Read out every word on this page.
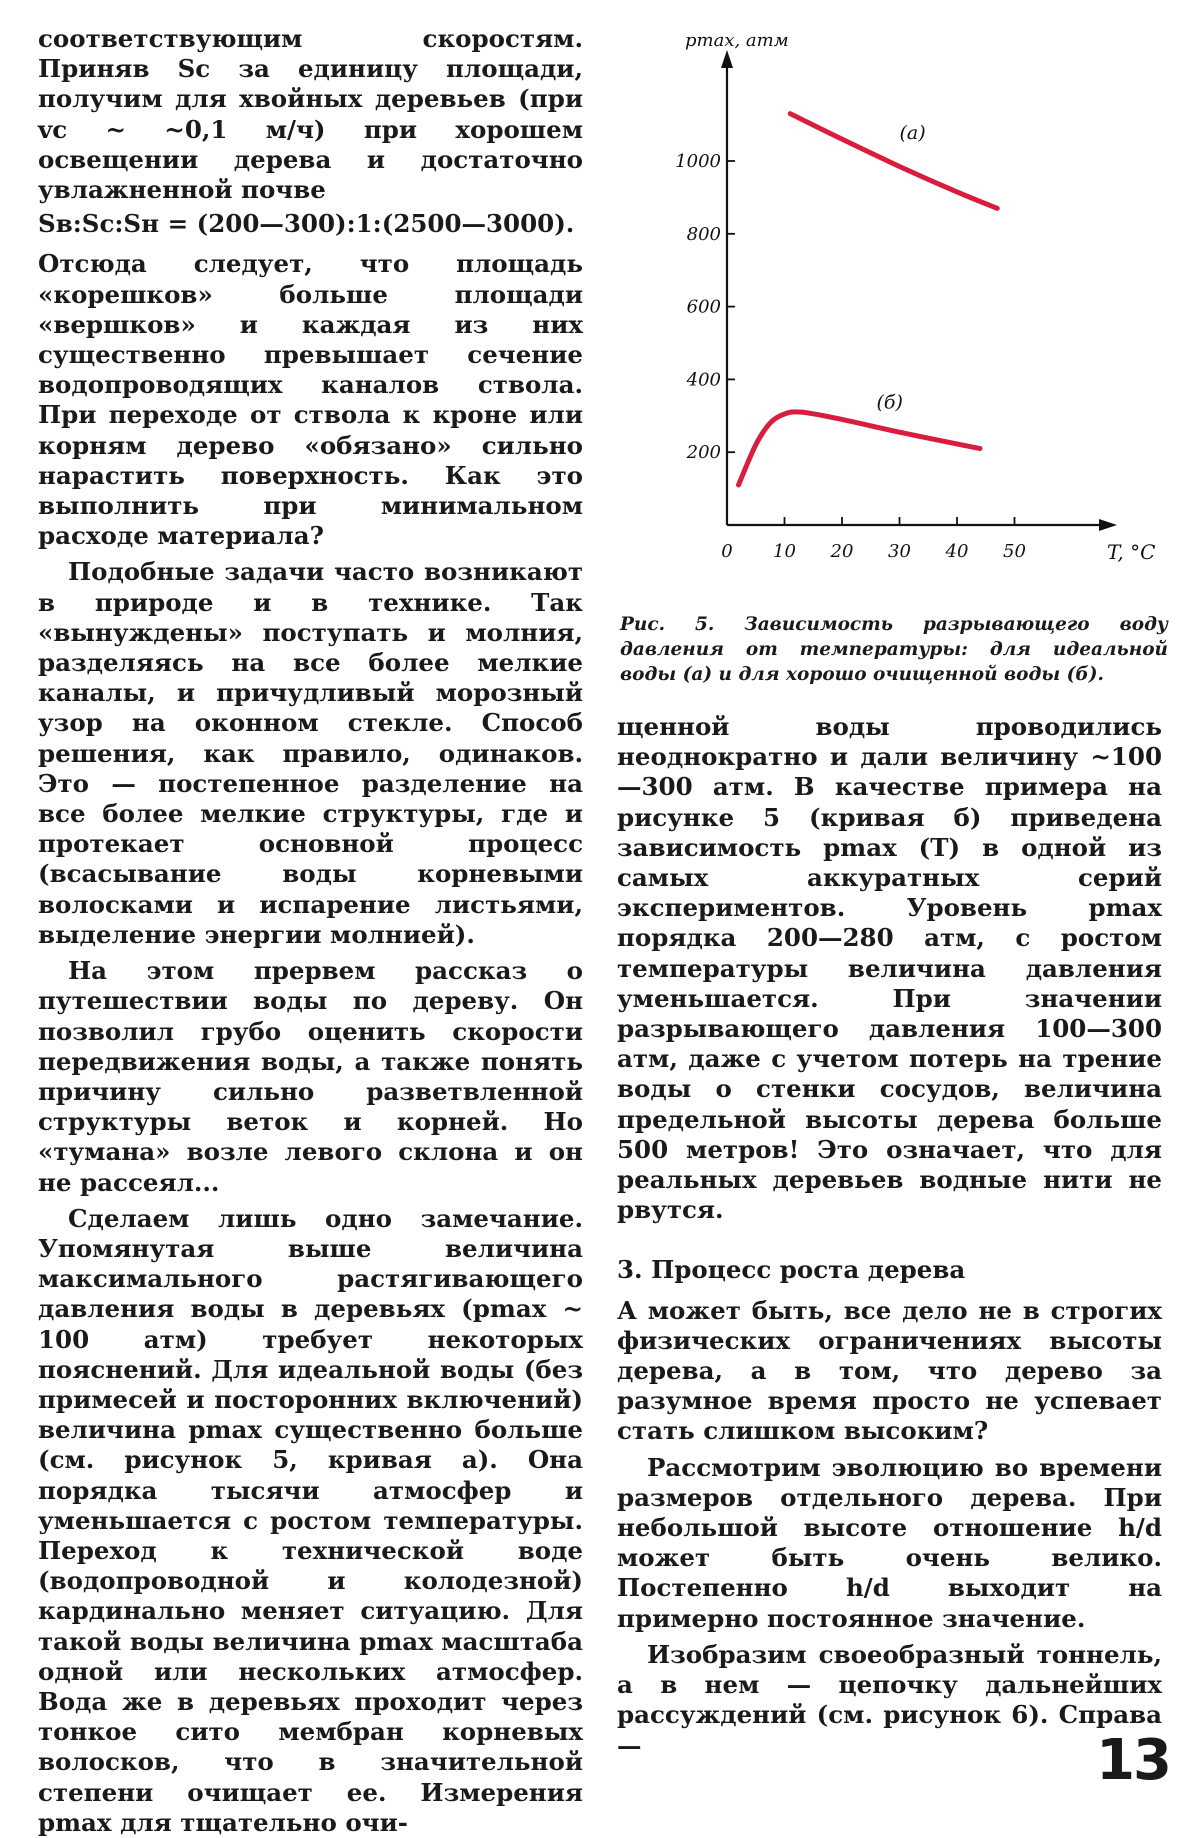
соответствующим скоростям. Приняв Sс за единицу площади, получим для хвойных деревьев (при vс ~ ~0,1 м/ч) при хорошем освещении дерева и достаточно увлажненной почве

Sв:Sс:Sн = (200—300):1:(2500—3000).

Отсюда следует, что площадь «корешков» больше площади «вершков» и каждая из них существенно превышает сечение водопроводящих каналов ствола. При переходе от ствола к кроне или корням дерево «обязано» сильно нарастить поверхность. Как это выполнить при минимальном расходе материала?

Подобные задачи часто возникают в природе и в технике. Так «вынуждены» поступать и молния, разделяясь на все более мелкие каналы, и причудливый морозный узор на оконном стекле. Способ решения, как правило, одинаков. Это — постепенное разделение на все более мелкие структуры, где и протекает основной процесс (всасывание воды корневыми волосками и испарение листьями, выделение энергии молнией).

На этом прервем рассказ о путешествии воды по дереву. Он позволил грубо оценить скорости передвижения воды, а также понять причину сильно разветвленной структуры веток и корней. Но «тумана» возле левого склона и он не рассеял...

Сделаем лишь одно замечание. Упомянутая выше величина максимального растягивающего давления воды в деревьях (pmax ~ 100 атм) требует некоторых пояснений. Для идеальной воды (без примесей и посторонних включений) величина pmax существенно больше (см. рисунок 5, кривая a). Она порядка тысячи атмосфер и уменьшается с ростом температуры. Переход к технической воде (водопроводной и колодезной) кардинально меняет ситуацию. Для такой воды величина pmax масштаба одной или нескольких атмосфер. Вода же в деревьях проходит через тонкое сито мембран корневых волосков, что в значительной степени очищает ее. Измерения pmax для тщательно очи-

200
400
600
800
1000
0 10 20 30 40 50
pmax, атм
T, °C
(а)
(б)
Рис. 5. Зависимость разрывающего воду давления от температуры: для идеальной воды (а) и для хорошо очищенной воды (б).

щенной воды проводились неоднократно и дали величину ~100—300 атм. В качестве примера на рисунке 5 (кривая б) приведена зависимость pmax (T) в одной из самых аккуратных серий экспериментов. Уровень pmax порядка 200—280 атм, с ростом температуры величина давления уменьшается. При значении разрывающего давления 100—300 атм, даже с учетом потерь на трение воды о стенки сосудов, величина предельной высоты дерева больше 500 метров! Это означает, что для реальных деревьев водные нити не рвутся.

3. Процесс роста дерева

А может быть, все дело не в строгих физических ограничениях высоты дерева, а в том, что дерево за разумное время просто не успевает стать слишком высоким?

Рассмотрим эволюцию во времени размеров отдельного дерева. При небольшой высоте отношение h/d может быть очень велико. Постепенно h/d выходит на примерно постоянное значение.

Изобразим своеобразный тоннель, а в нем — цепочку дальнейших рассуждений (см. рисунок 6). Справа —	13
